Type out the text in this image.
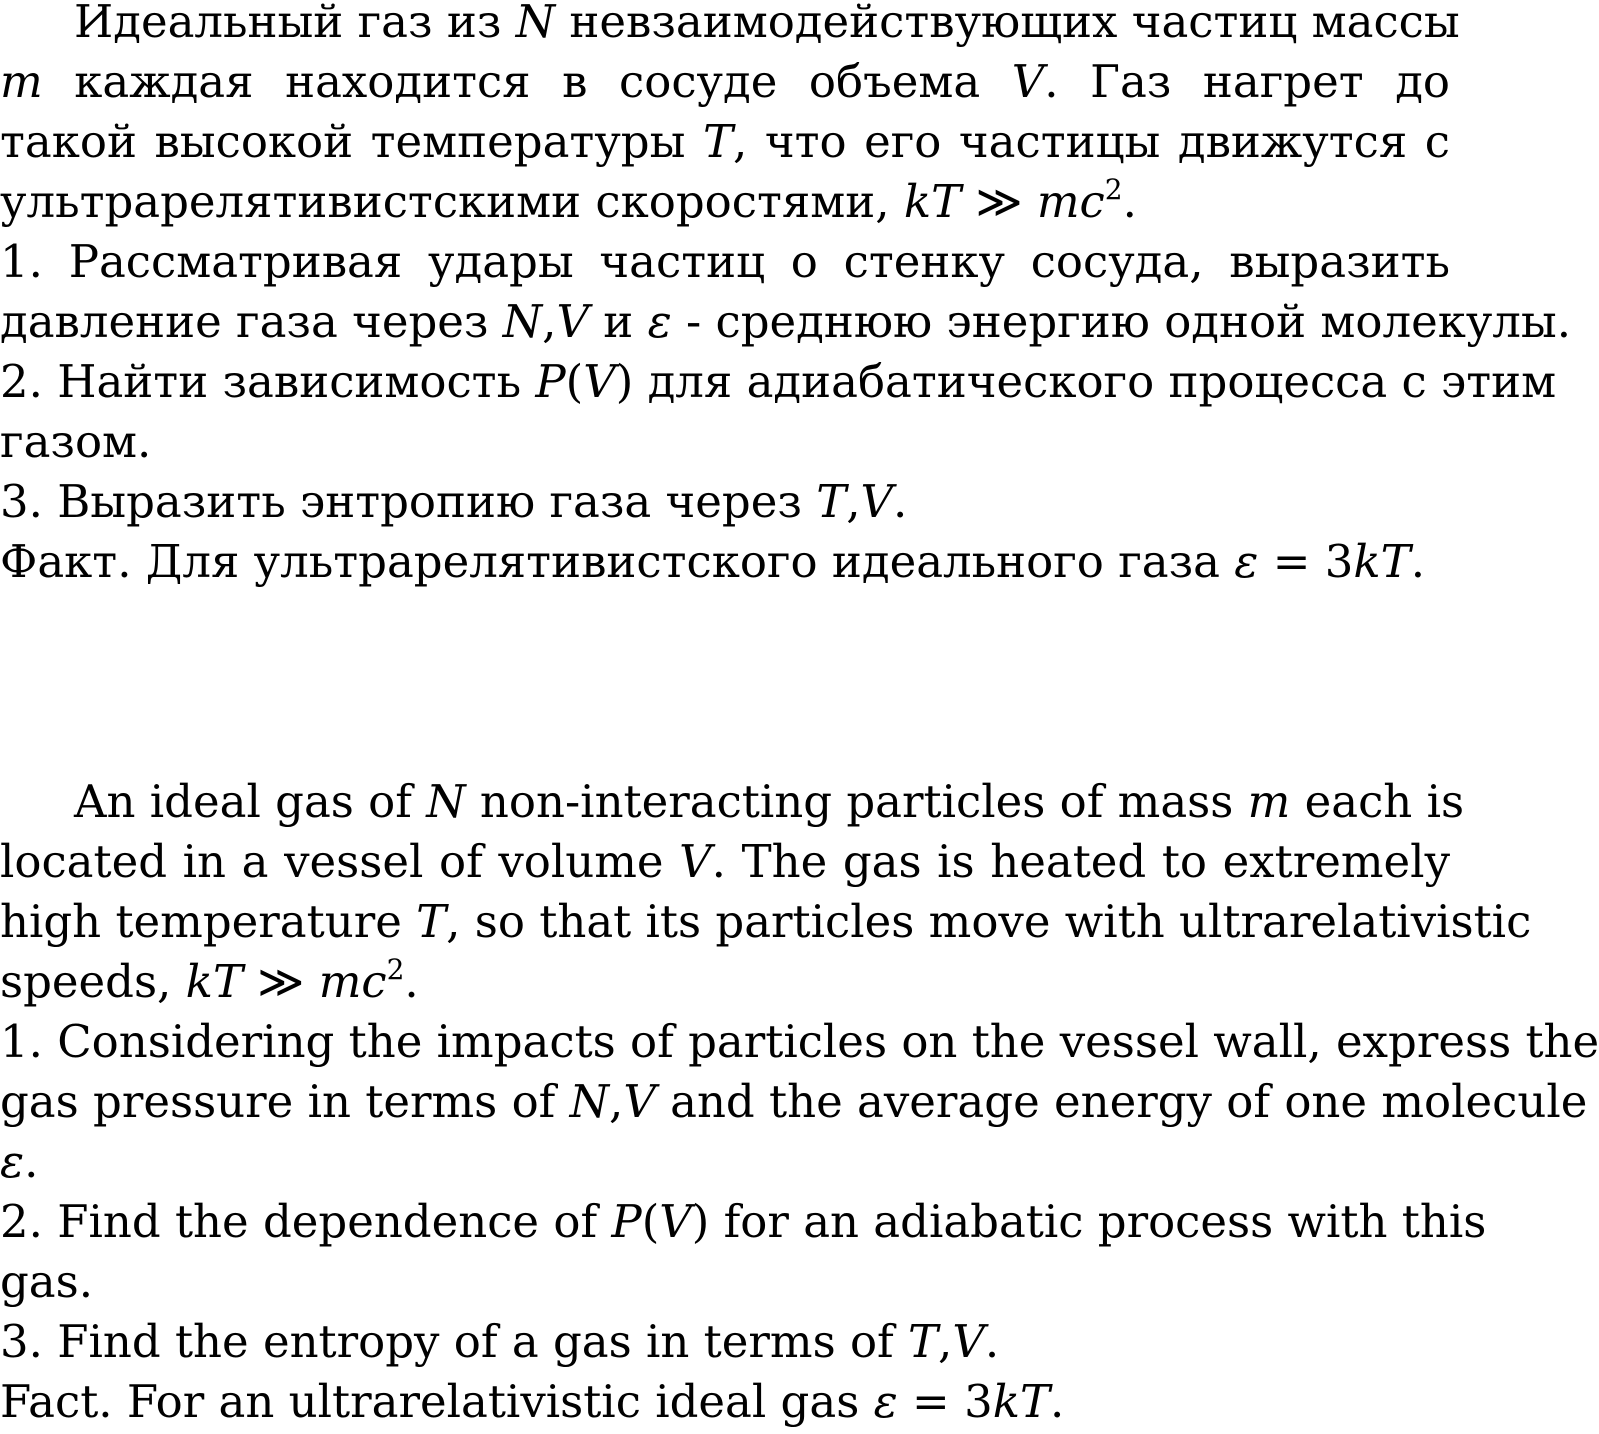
Идеальный газ из N невзаимодействующих частиц массы
m каждая находится в сосуде объема V. Газ нагрет до
такой высокой температуры T, что его частицы движутся с
ультрарелятивистскими скоростями, kT ≫ $mc^2$.
1. Рассматривая удары частиц о стенку сосуда, выразить
давление газа через N,V и ε - среднюю энергию одной молекулы.
2. Найти зависимость P(V) для адиабатического процесса с этим
газом.
3. Выразить энтропию газа через T,V.
Факт. Для ультрарелятивистского идеального газа ε = 3kT.
An ideal gas of N non-interacting particles of mass m each is
located in a vessel of volume V. The gas is heated to extremely
high temperature T, so that its particles move with ultrarelativistic
speeds, kT ≫ $mc^2$.
1. Considering the impacts of particles on the vessel wall, express the
gas pressure in terms of N,V and the average energy of one molecule
ε.
2. Find the dependence of P(V) for an adiabatic process with this
gas.
3. Find the entropy of a gas in terms of T,V.
Fact. For an ultrarelativistic ideal gas ε = 3kT.
